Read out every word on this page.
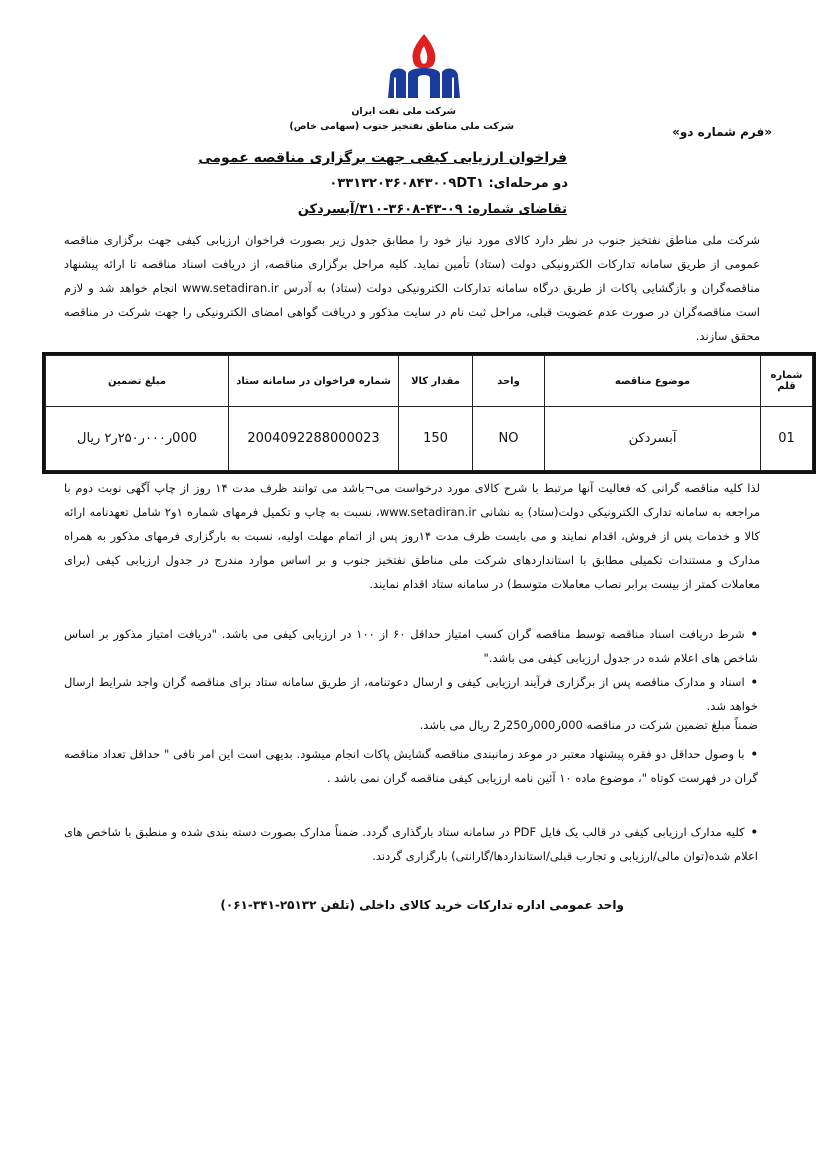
شرکت ملی نفت ایران
شرکت ملی مناطق نفتخیز جنوب (سهامی خاص)	«فرم شماره دو»
فراخوان ارزیابی کیفی جهت برگزاری مناقصه عمومی
دو مرحله‌ای: ۰۳۳۱۳۲۰۳۶۰۸۴۳۰۰۹DT۱
تقاضای شماره: ۰۹-۴۳-۳۶۰۸-۳۱۰/آبسردکن
شرکت ملی مناطق نفتخیز جنوب در نظر دارد کالای مورد نیاز خود را مطابق جدول زیر بصورت فراخوان ارزیابی کیفی جهت برگزاری مناقصه عمومی از طریق سامانه تدارکات الکترونیکی دولت (ستاد) تأمین نماید. کلیه مراحل برگزاری مناقصه، از دریافت اسناد مناقصه تا ارائه پیشنهاد مناقصه‌گران و بازگشایی پاکات از طریق درگاه سامانه تدارکات الکترونیکی دولت (ستاد) به آدرس www.setadiran.ir انجام خواهد شد و لازم است مناقصه‌گران در صورت عدم عضویت قبلی، مراحل ثبت نام در سایت مذکور و دریافت گواهی امضای الکترونیکی را جهت شرکت در مناقصه محقق سازند.
شماره قلم	موضوع مناقصه	واحد	مقدار کالا	شماره فراخوان در سامانه ستاد	مبلغ تضمین
01	آبسردکن	NO	150	2004092288000023	000ر۰۰۰ر۲۵۰ر۲ ریال
لذا کلیه مناقصه گرانی که فعالیت آنها مرتبط با شرح کالای مورد درخواست می¬باشد می توانند ظرف مدت ۱۴ روز از چاپ آگهی نوبت دوم با مراجعه به سامانه تدارک الکترونیکی دولت(ستاد) به نشانی www.setadiran.ir، نسبت به چاپ و تکمیل فرمهای شماره ۱و۲ شامل تعهدنامه ارائه کالا و خدمات پس از فروش، اقدام نمایند و می بایست ظرف مدت ۱۴روز پس از اتمام مهلت اولیه، نسبت به بارگزاری فرمهای مذکور به همراه مدارک و مستندات تکمیلی مطابق با استانداردهای شرکت ملی مناطق نفتخیز جنوب و بر اساس موارد مندرج در جدول ارزیابی کیفی (برای معاملات کمتر از بیست برابر نصاب معاملات متوسط) در سامانه ستاد اقدام نمایند.
•شرط دریافت اسناد مناقصه توسط مناقصه گران کسب امتیاز حداقل ۶۰ از ۱۰۰ در ارزیابی کیفی می باشد. "دریافت امتیاز مذکور بر اساس شاخص های اعلام شده در جدول ارزیابی کیفی می باشد."
•اسناد و مدارک مناقصه پس از برگزاری فرآیند ارزیابی کیفی و ارسال دعوتنامه، از طریق سامانه ستاد برای مناقصه گران واجد شرایط ارسال خواهد شد.
ضمناً مبلغ تضمین شرکت در مناقصه 000ر000ر250ر2 ریال می باشد.
•با وصول حداقل دو فقره پیشنهاد معتبر در موعد زمانبندی مناقصه گشایش پاکات انجام میشود. بدیهی است این امر نافی " حداقل تعداد مناقصه گران در فهرست کوتاه "، موضوع ماده ۱۰ آئین نامه ارزیابی کیفی مناقصه گران نمی باشد .
•کلیه مدارک ارزیابی کیفی در قالب یک فایل PDF در سامانه ستاد بارگذاری گردد. ضمناً مدارک بصورت دسته بندی شده و منطبق با شاخص های اعلام شده(توان مالی/ارزیابی و تجارب قبلی/استانداردها/گارانتی) بارگزاری گردند.
واحد عمومی اداره تدارکات خرید کالای داخلی (تلفن ۲۵۱۳۲-۳۴۱-۰۶۱)
